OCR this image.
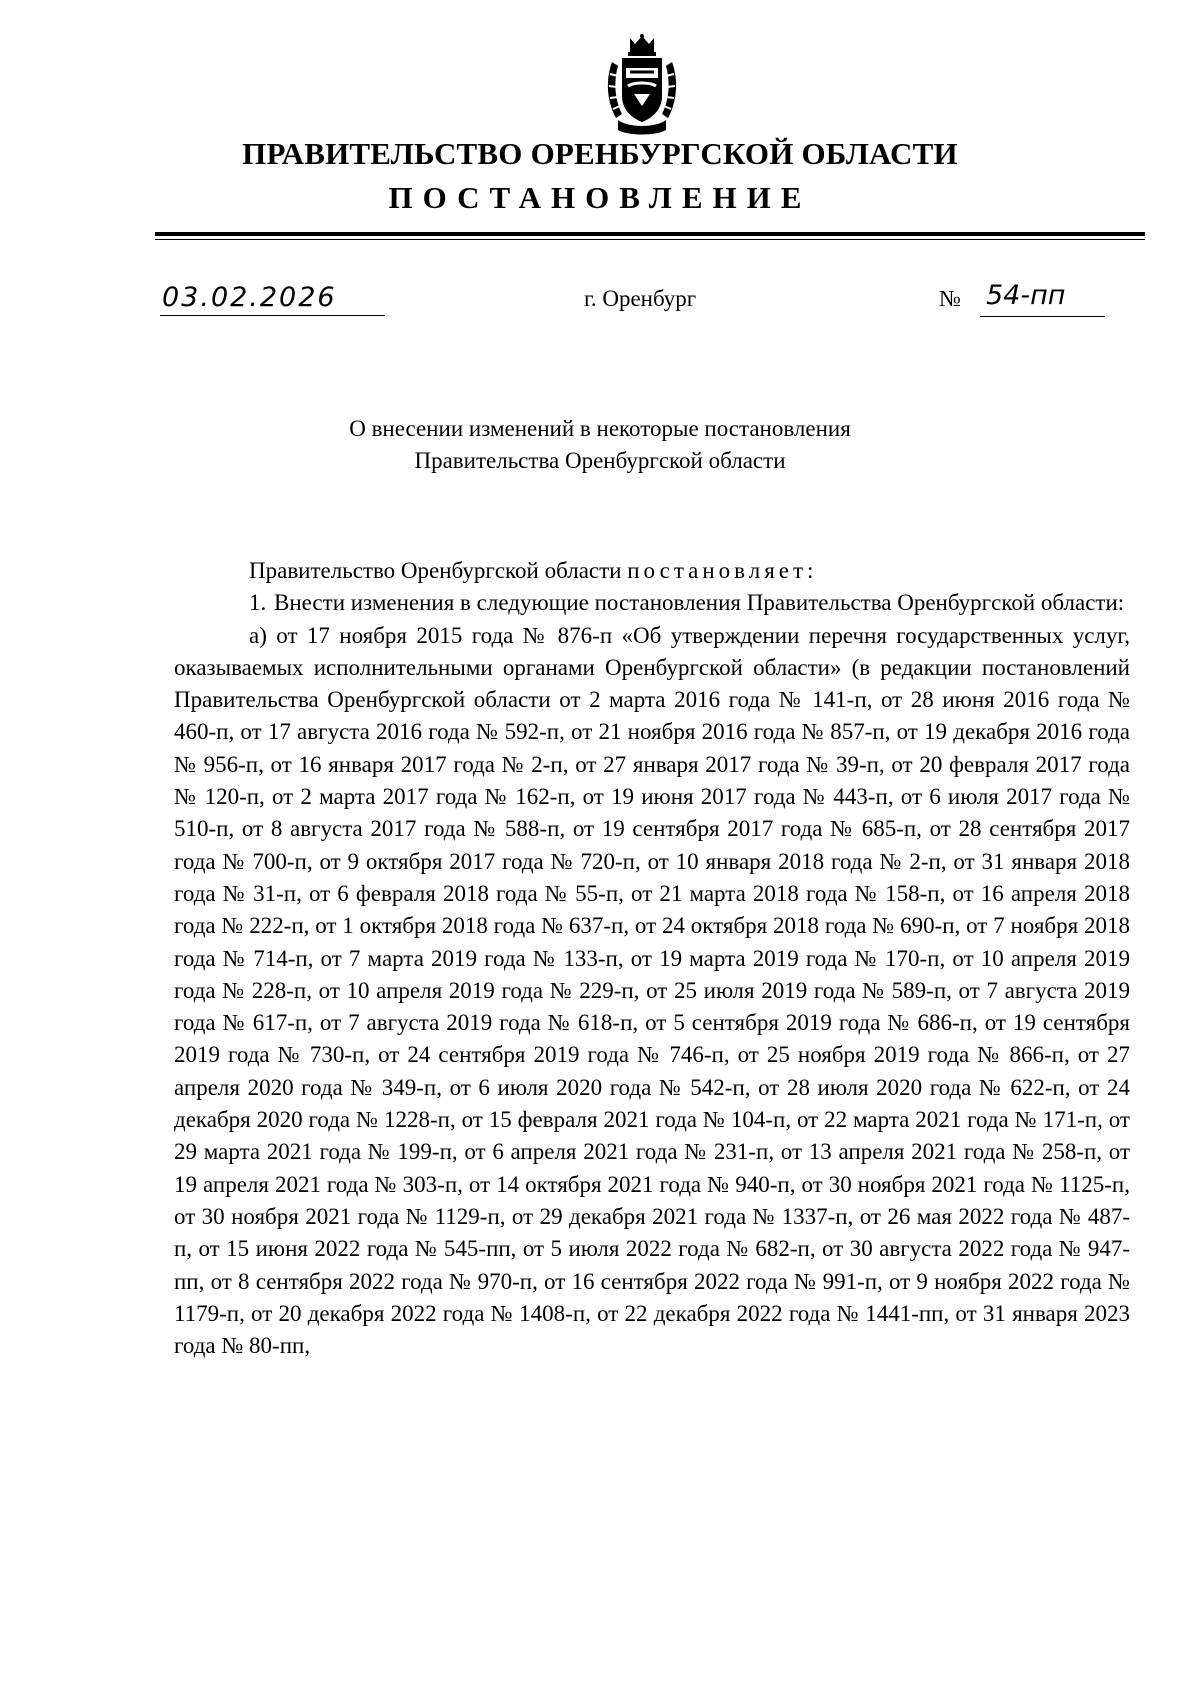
ПРАВИТЕЛЬСТВО ОРЕНБУРГСКОЙ ОБЛАСТИ
ПОСТАНОВЛЕНИЕ
03.02.2026	г. Оренбург	№ 54-пп
О внесении изменений в некоторые постановления
Правительства Оренбургской области

Правительство Оренбургской области постановляет:

1. Внести изменения в следующие постановления Правительства Оренбургской области:

а) от 17 ноября 2015 года № 876-п «Об утверждении перечня государственных услуг, оказываемых исполнительными органами Оренбургской области» (в редакции постановлений Правительства Оренбургской области от 2 марта 2016 года № 141-п, от 28 июня 2016 года № 460-п, от 17 августа 2016 года № 592-п, от 21 ноября 2016 года № 857-п, от 19 декабря 2016 года № 956-п, от 16 января 2017 года № 2-п, от 27 января 2017 года № 39-п, от 20 февраля 2017 года № 120-п, от 2 марта 2017 года № 162-п, от 19 июня 2017 года № 443-п, от 6 июля 2017 года № 510-п, от 8 августа 2017 года № 588-п, от 19 сентября 2017 года № 685-п, от 28 сентября 2017 года № 700-п, от 9 октября 2017 года № 720-п, от 10 января 2018 года № 2-п, от 31 января 2018 года № 31-п, от 6 февраля 2018 года № 55-п, от 21 марта 2018 года № 158-п, от 16 апреля 2018 года № 222-п, от 1 октября 2018 года № 637-п, от 24 октября 2018 года № 690-п, от 7 ноября 2018 года № 714-п, от 7 марта 2019 года № 133-п, от 19 марта 2019 года № 170-п, от 10 апреля 2019 года № 228-п, от 10 апреля 2019 года № 229-п, от 25 июля 2019 года № 589-п, от 7 августа 2019 года № 617-п, от 7 августа 2019 года № 618-п, от 5 сентября 2019 года № 686-п, от 19 сентября 2019 года № 730-п, от 24 сентября 2019 года № 746-п, от 25 ноября 2019 года № 866-п, от 27 апреля 2020 года № 349-п, от 6 июля 2020 года № 542-п, от 28 июля 2020 года № 622-п, от 24 декабря 2020 года № 1228-п, от 15 февраля 2021 года № 104-п, от 22 марта 2021 года № 171-п, от 29 марта 2021 года № 199-п, от 6 апреля 2021 года № 231-п, от 13 апреля 2021 года № 258-п, от 19 апреля 2021 года № 303-п, от 14 октября 2021 года № 940-п, от 30 ноября 2021 года № 1125-п, от 30 ноября 2021 года № 1129-п, от 29 декабря 2021 года № 1337-п, от 26 мая 2022 года № 487-п, от 15 июня 2022 года № 545-пп, от 5 июля 2022 года № 682-п, от 30 августа 2022 года № 947-пп, от 8 сентября 2022 года № 970-п, от 16 сентября 2022 года № 991-п, от 9 ноября 2022 года № 1179-п, от 20 декабря 2022 года № 1408-п, от 22 декабря 2022 года № 1441-пп, от 31 января 2023 года № 80-пп,
